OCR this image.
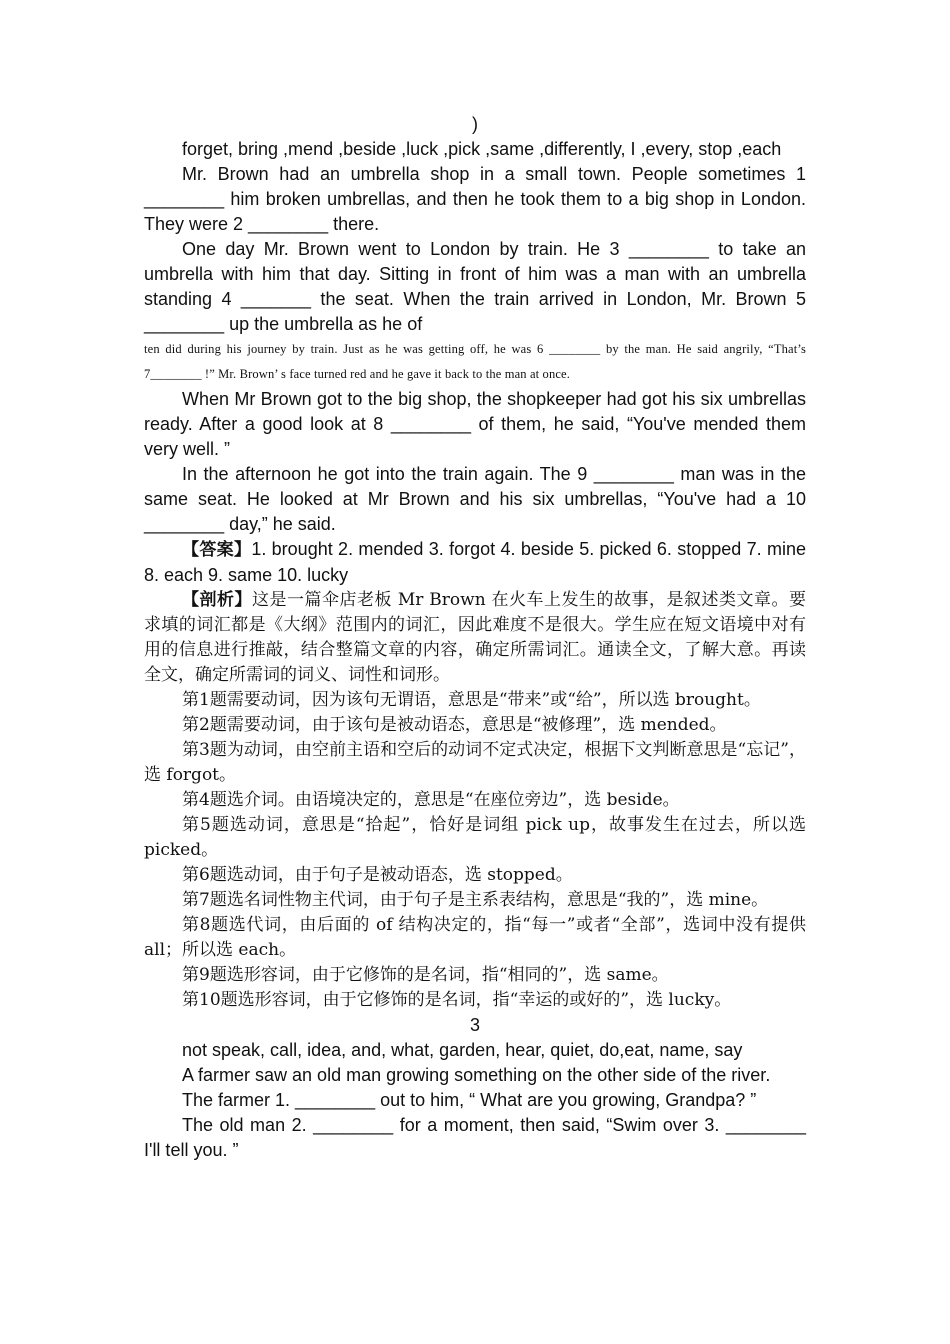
)

forget, bring ,mend ,beside ,luck ,pick ,same ,differently, I ,every, stop ,each

Mr. Brown had an umbrella shop in a small town. People sometimes 1 ________ him broken umbrellas, and then he took them to a big shop in London. They were 2 ________ there.

One day Mr. Brown went to London by train. He 3 ________ to take an umbrella with him that day. Sitting in front of him was a man with an umbrella standing 4 _______ the seat. When the train arrived in London, Mr. Brown 5 ________ up the umbrella as he of

ten did during his journey by train. Just as he was getting off, he was 6 ________ by the man. He said angrily, “That’s 7________ !” Mr. Brown’ s face turned red and he gave it back to the man at once.

When Mr Brown got to the big shop, the shopkeeper had got his six umbrellas ready. After a good look at 8 ________ of them, he said, “You've mended them very well. ”

In the afternoon he got into the train again. The 9 ________ man was in the same seat. He looked at Mr Brown and his six umbrellas, “You've had a 10 ________ day,” he said.

【答案】1. brought 2. mended 3. forgot 4. beside 5. picked 6. stopped 7. mine 8. each 9. same 10. lucky

【剖析】这是一篇伞店老板 Mr Brown 在火车上发生的故事，是叙述类文章。要求填的词汇都是《大纲》范围内的词汇，因此难度不是很大。学生应在短文语境中对有用的信息进行推敲，结合整篇文章的内容，确定所需词汇。通读全文，了解大意。再读全文，确定所需词的词义、词性和词形。

第1题需要动词，因为该句无谓语，意思是“带来”或“给”，所以选 brought。

第2题需要动词，由于该句是被动语态，意思是“被修理”，选 mended。

第3题为动词，由空前主语和空后的动词不定式决定，根据下文判断意思是“忘记”，选 forgot。

第4题选介词。由语境决定的，意思是“在座位旁边”，选 beside。

第5题选动词，意思是“拾起”，恰好是词组 pick up，故事发生在过去，所以选 picked。

第6题选动词，由于句子是被动语态，选 stopped。

第7题选名词性物主代词，由于句子是主系表结构，意思是“我的”，选 mine。

第8题选代词，由后面的 of 结构决定的，指“每一”或者“全部”，选词中没有提供 all；所以选 each。

第9题选形容词，由于它修饰的是名词，指“相同的”，选 same。

第10题选形容词，由于它修饰的是名词，指“幸运的或好的”，选 lucky。

3

not speak, call, idea, and, what, garden, hear, quiet, do,eat, name, say

A farmer saw an old man growing something on the other side of the river.

The farmer 1. ________ out to him, “ What are you growing, Grandpa? ”

The old man 2. ________ for a moment, then said, “Swim over 3. ________ I'll tell you. ”
